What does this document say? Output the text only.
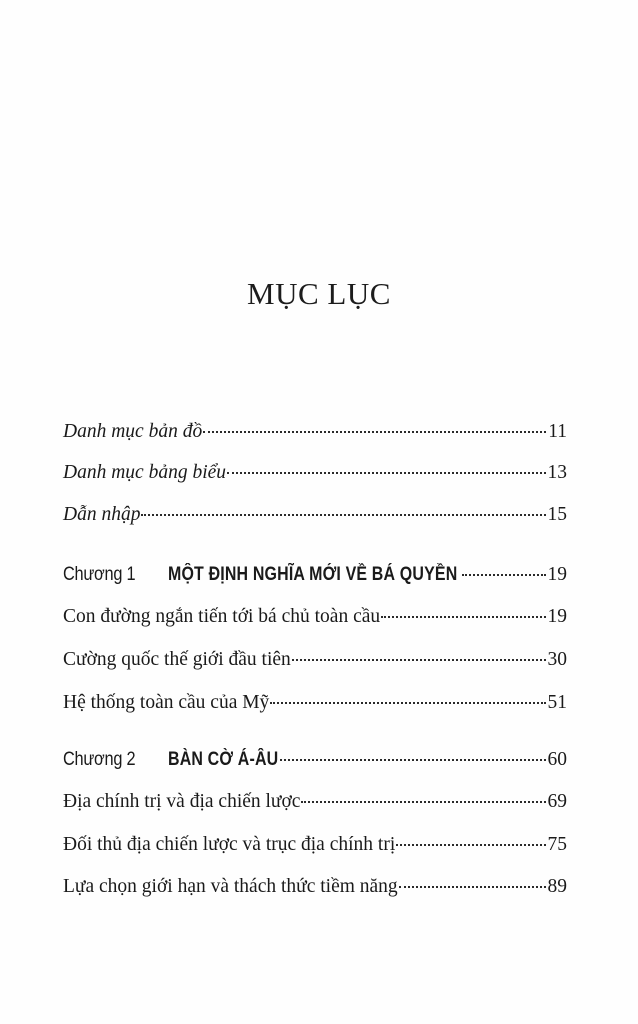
MỤC LỤC
Danh mục bản đồ	11
Danh mục bảng biểu	13
Dẫn nhập	15
Chương 1	MỘT ĐỊNH NGHĨA MỚI VỀ BÁ QUYỀN	19
Con đường ngắn tiến tới bá chủ toàn cầu	19
Cường quốc thế giới đầu tiên	30
Hệ thống toàn cầu của Mỹ	51
Chương 2	BÀN CỜ Á-ÂU	60
Địa chính trị và địa chiến lược	69
Đối thủ địa chiến lược và trục địa chính trị	75
Lựa chọn giới hạn và thách thức tiềm năng	89
